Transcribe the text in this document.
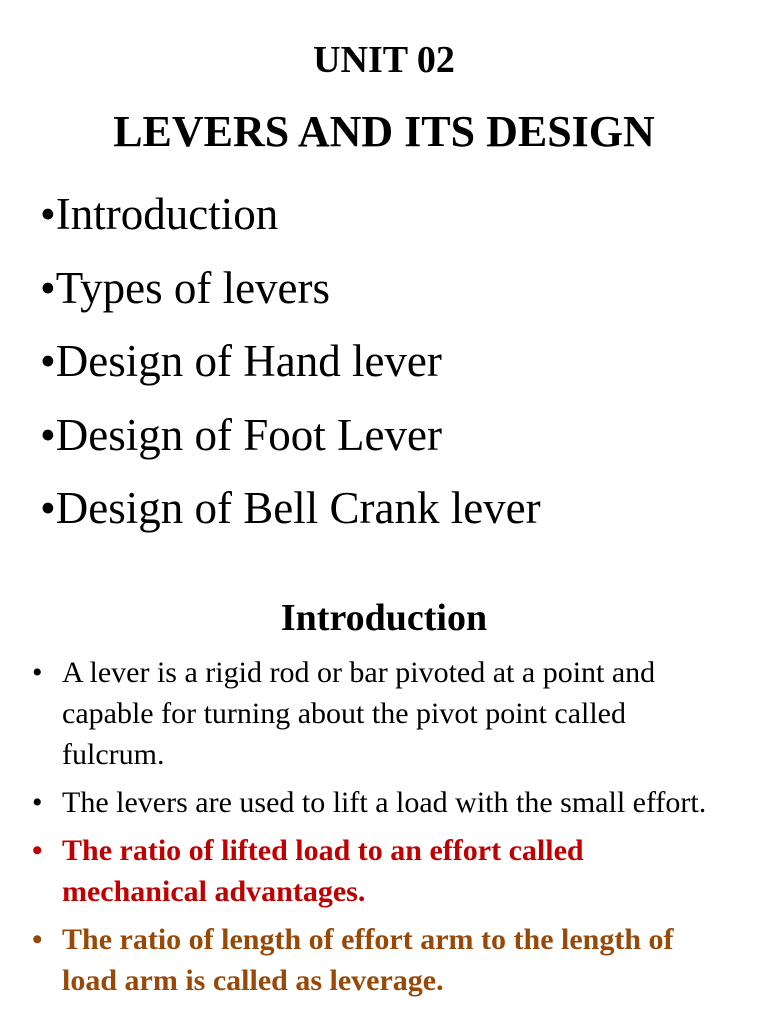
UNIT 02
LEVERS AND ITS DESIGN
•Introduction
•Types of levers
•Design of Hand lever
•Design of Foot Lever
•Design of Bell Crank lever
Introduction
• A lever is a rigid rod or bar pivoted at a point and capable for turning about the pivot point called fulcrum.
• The levers are used to lift a load with the small effort.
• The ratio of lifted load to an effort called mechanical advantages.
• The ratio of length of effort arm to the length of load arm is called as leverage.
